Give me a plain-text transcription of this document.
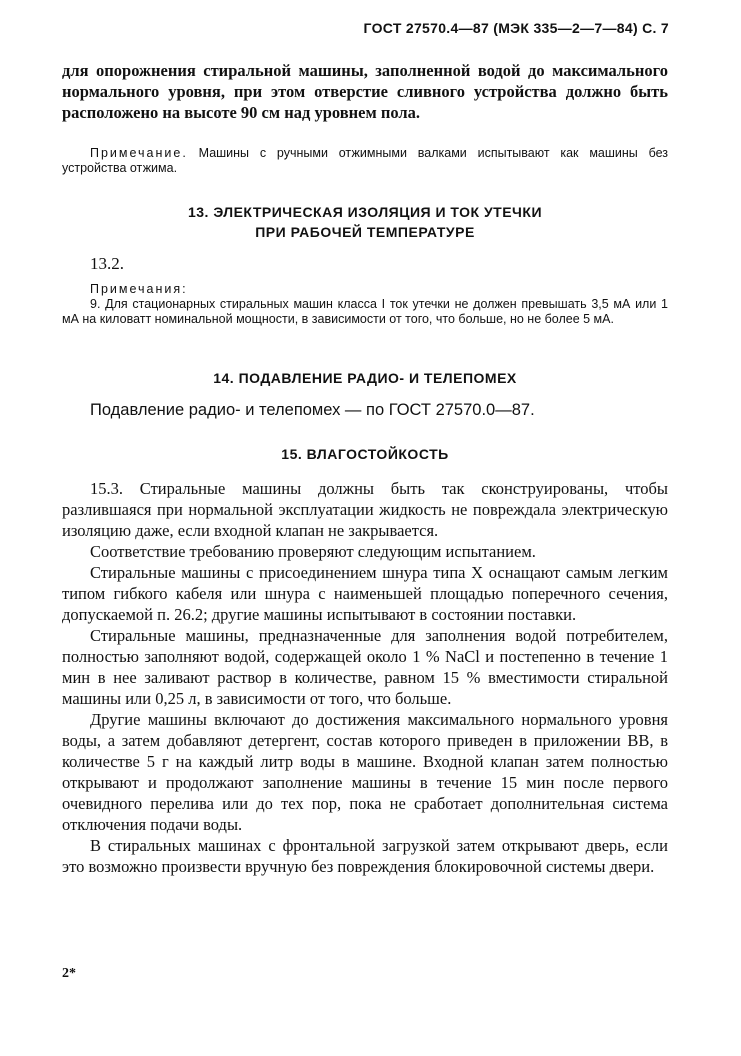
ГОСТ 27570.4—87 (МЭК 335—2—7—84) С. 7

для опорожнения стиральной машины, заполненной водой до максимального нормального уровня, при этом отверстие сливного устройства должно быть расположено на высоте 90 см над уровнем пола.

Примечание. Машины с ручными отжимными валками испытывают как машины без устройства отжима.

13. ЭЛЕКТРИЧЕСКАЯ ИЗОЛЯЦИЯ И ТОК УТЕЧКИ

ПРИ РАБОЧЕЙ ТЕМПЕРАТУРЕ

13.2.

Примечания:

9. Для стационарных стиральных машин класса I ток утечки не должен превышать 3,5 мА или 1 мА на киловатт номинальной мощности, в зависимости от того, что больше, но не более 5 мА.

14. ПОДАВЛЕНИЕ РАДИО- И ТЕЛЕПОМЕХ

Подавление радио- и телепомех — по ГОСТ 27570.0—87.

15. ВЛАГОСТОЙКОСТЬ

15.3. Стиральные машины должны быть так сконструированы, чтобы разлившаяся при нормальной эксплуатации жидкость не повреждала электрическую изоляцию даже, если входной клапан не закрывается.

Соответствие требованию проверяют следующим испытанием.

Стиральные машины с присоединением шнура типа X оснащают самым легким типом гибкого кабеля или шнура с наименьшей площадью поперечного сечения, допускаемой п. 26.2; другие машины испытывают в состоянии поставки.

Стиральные машины, предназначенные для заполнения водой потребителем, полностью заполняют водой, содержащей около 1 % NaCl и постепенно в течение 1 мин в нее заливают раствор в количестве, равном 15 % вместимости стиральной машины или 0,25 л, в зависимости от того, что больше.

Другие машины включают до достижения максимального нормального уровня воды, а затем добавляют детергент, состав которого приведен в приложении ВВ, в количестве 5 г на каждый литр воды в машине. Входной клапан затем полностью открывают и продолжают заполнение машины в течение 15 мин после первого очевидного перелива или до тех пор, пока не сработает дополнительная система отключения подачи воды.

В стиральных машинах с фронтальной загрузкой затем открывают дверь, если это возможно произвести вручную без повреждения блокировочной системы двери.

2*
